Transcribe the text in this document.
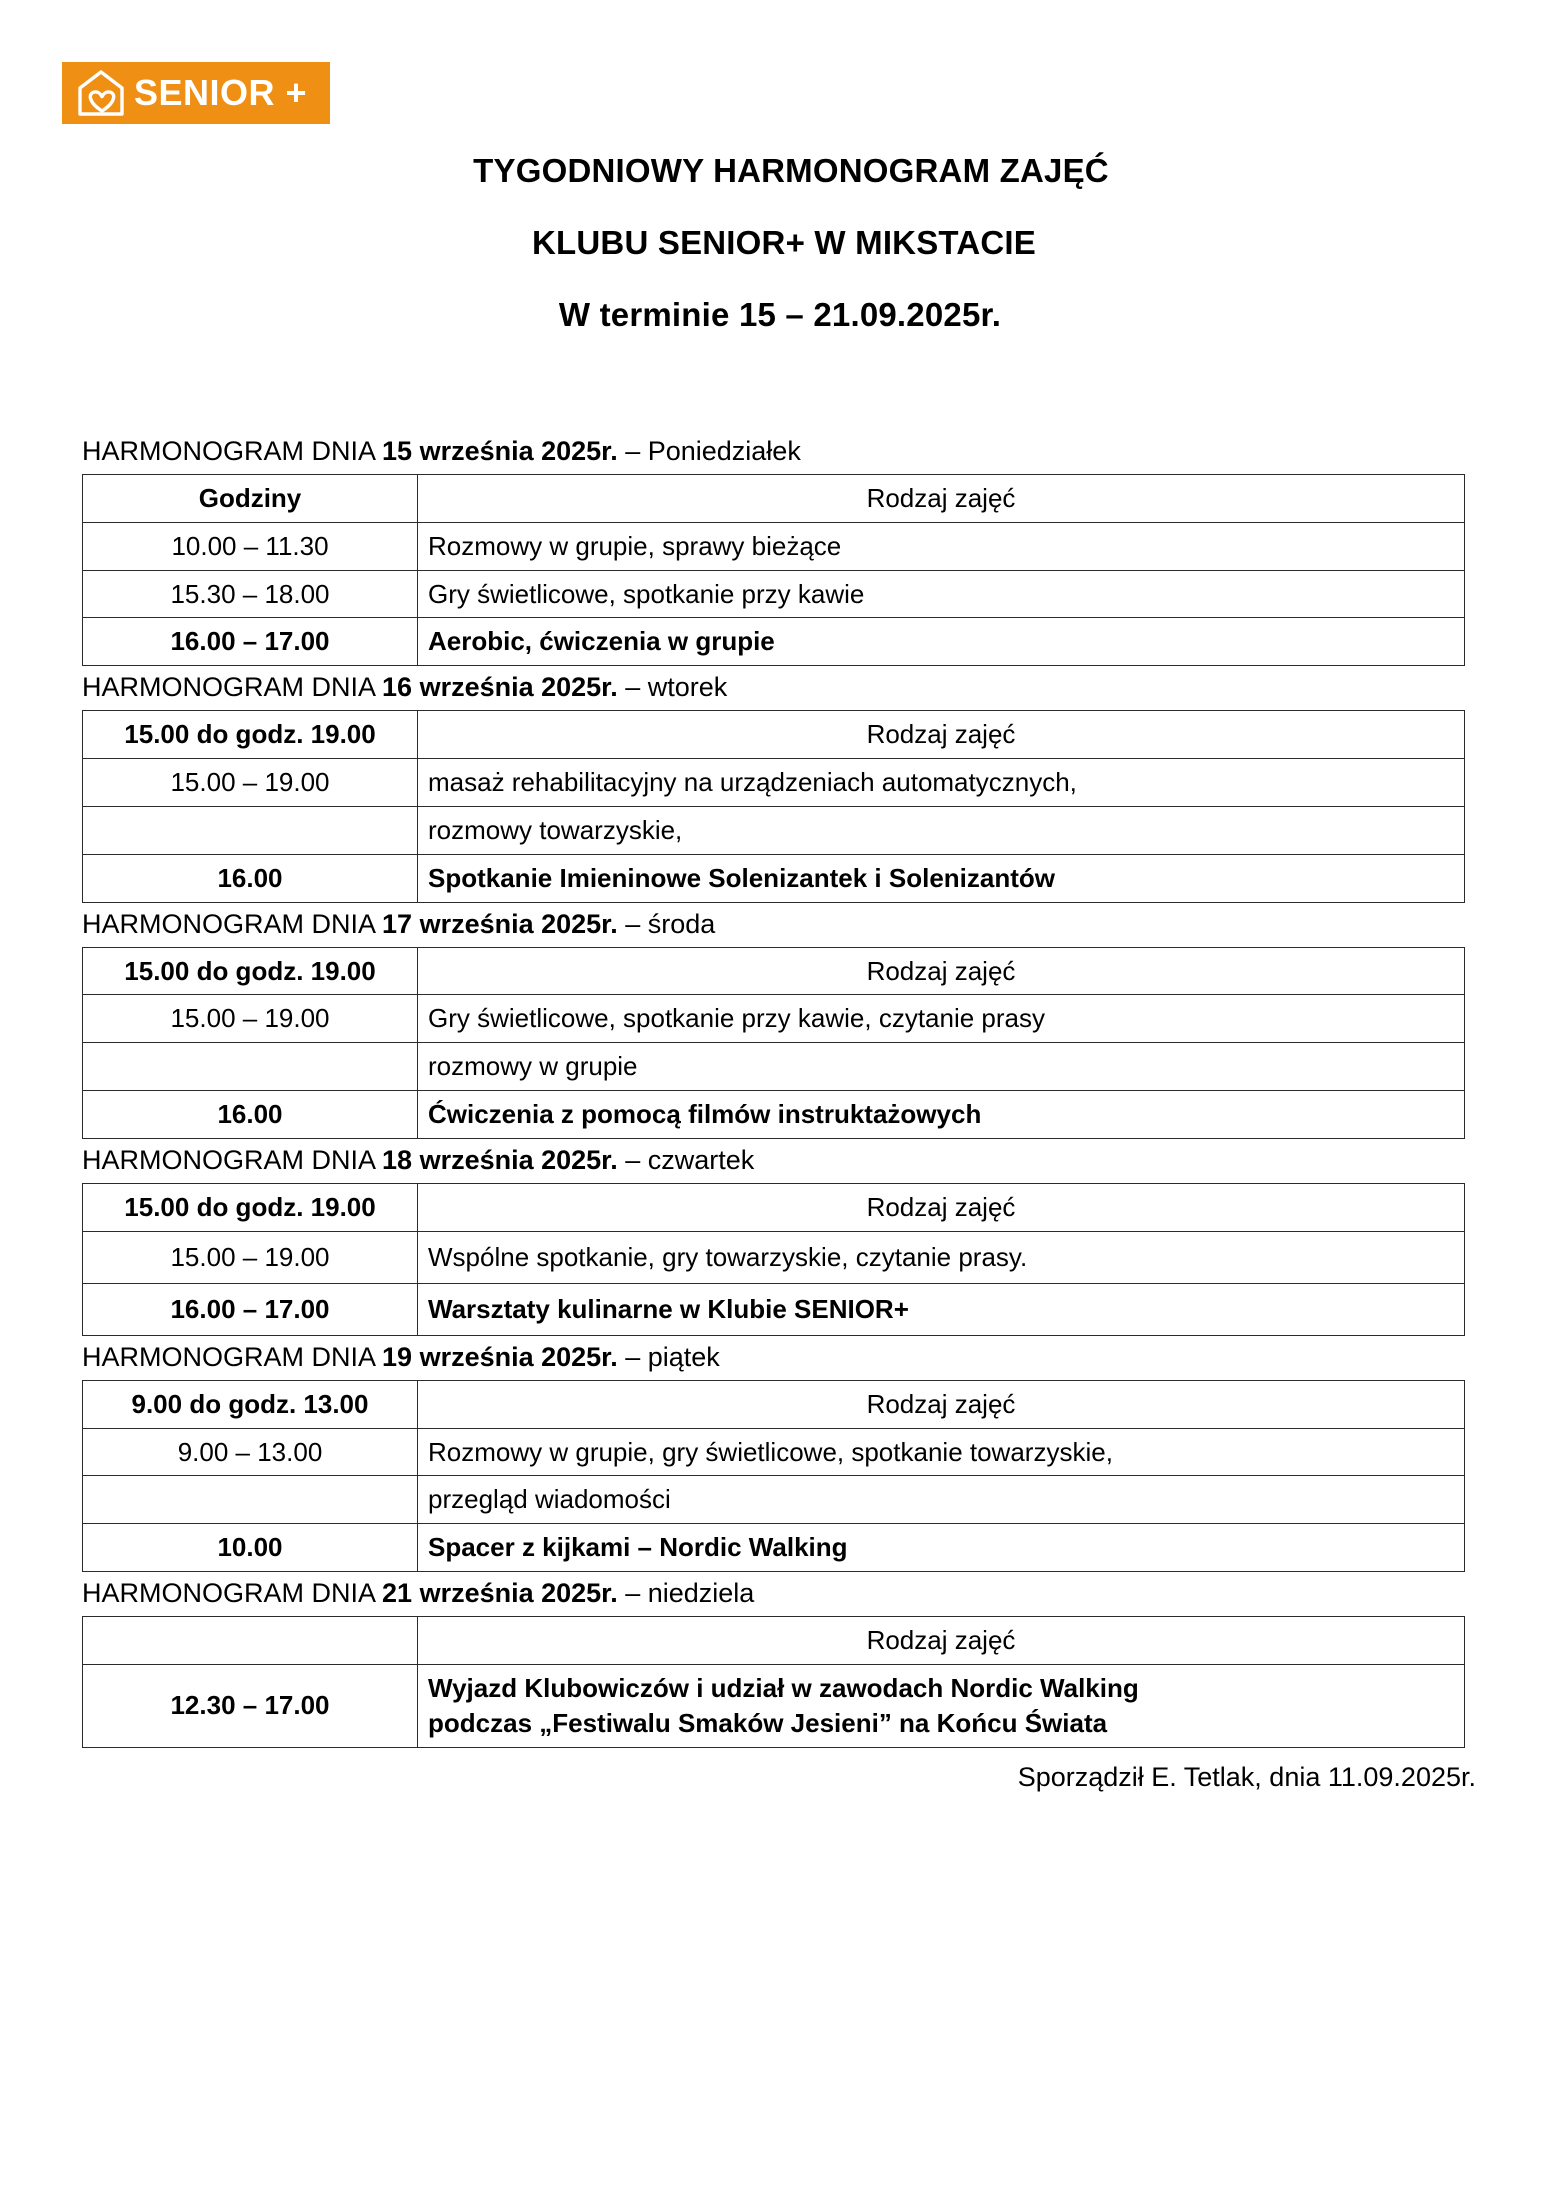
SENIOR +
TYGODNIOWY HARMONOGRAM ZAJĘĆ
KLUBU SENIOR+ W MIKSTACIE
W terminie 15 – 21.09.2025r.
HARMONOGRAM DNIA 15 września 2025r. – Poniedziałek
Godziny	Rodzaj zajęć
10.00 – 11.30	Rozmowy w grupie, sprawy bieżące
15.30 – 18.00	Gry świetlicowe, spotkanie przy kawie
16.00 – 17.00	Aerobic, ćwiczenia w grupie
HARMONOGRAM DNIA 16 września 2025r. – wtorek
15.00 do godz. 19.00	Rodzaj zajęć
15.00 – 19.00	masaż rehabilitacyjny na urządzeniach automatycznych,
	rozmowy towarzyskie,
16.00	Spotkanie Imieninowe Solenizantek i Solenizantów
HARMONOGRAM DNIA 17 września 2025r. – środa
15.00 do godz. 19.00	Rodzaj zajęć
15.00 – 19.00	Gry świetlicowe, spotkanie przy kawie, czytanie prasy
	rozmowy w grupie
16.00	Ćwiczenia z pomocą filmów instruktażowych
HARMONOGRAM DNIA 18 września 2025r. – czwartek
15.00 do godz. 19.00	Rodzaj zajęć
15.00 – 19.00	Wspólne spotkanie, gry towarzyskie, czytanie prasy.
16.00 – 17.00	Warsztaty kulinarne w Klubie SENIOR+
HARMONOGRAM DNIA 19 września 2025r. – piątek
9.00 do godz. 13.00	Rodzaj zajęć
9.00 – 13.00	Rozmowy w grupie, gry świetlicowe, spotkanie towarzyskie,
	przegląd wiadomości
10.00	Spacer z kijkami – Nordic Walking
HARMONOGRAM DNIA 21 września 2025r. – niedziela
	Rodzaj zajęć
12.30 – 17.00	Wyjazd Klubowiczów i udział w zawodach Nordic Walking
podczas „Festiwalu Smaków Jesieni” na Końcu Świata
Sporządził E. Tetlak, dnia 11.09.2025r.
